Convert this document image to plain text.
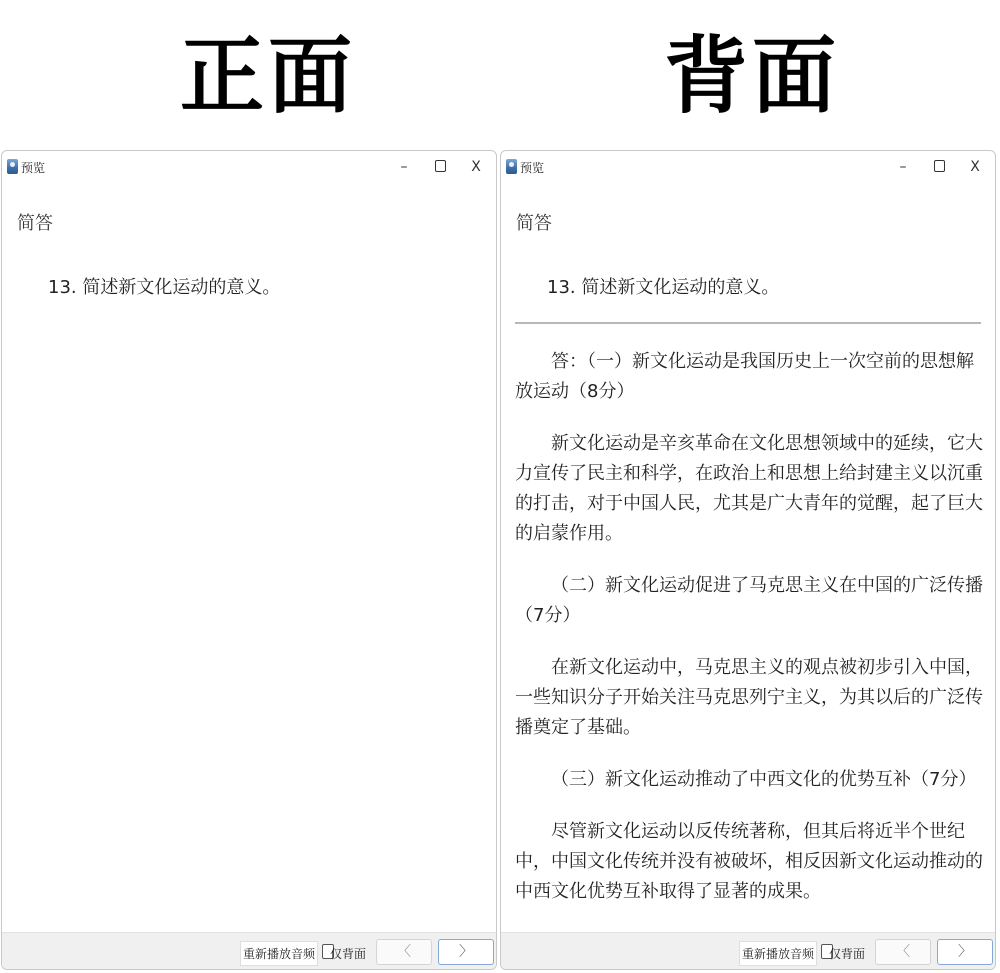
正面	背面
预览	–	X
简答
13. 简述新文化运动的意义。
重新播放音频 仅背面	〈	〉
预览	–	X
简答
13. 简述新文化运动的意义。

答：（一）新文化运动是我国历史上一次空前的思想解放运动（8分）

新文化运动是辛亥革命在文化思想领域中的延续，它大力宣传了民主和科学，在政治上和思想上给封建主义以沉重的打击，对于中国人民，尤其是广大青年的觉醒，起了巨大的启蒙作用。

（二）新文化运动促进了马克思主义在中国的广泛传播（7分）

在新文化运动中，马克思主义的观点被初步引入中国，一些知识分子开始关注马克思列宁主义，为其以后的广泛传播奠定了基础。

（三）新文化运动推动了中西文化的优势互补（7分）

尽管新文化运动以反传统著称，但其后将近半个世纪中，中国文化传统并没有被破坏，相反因新文化运动推动的中西文化优势互补取得了显著的成果。

重新播放音频 仅背面	〈	〉
